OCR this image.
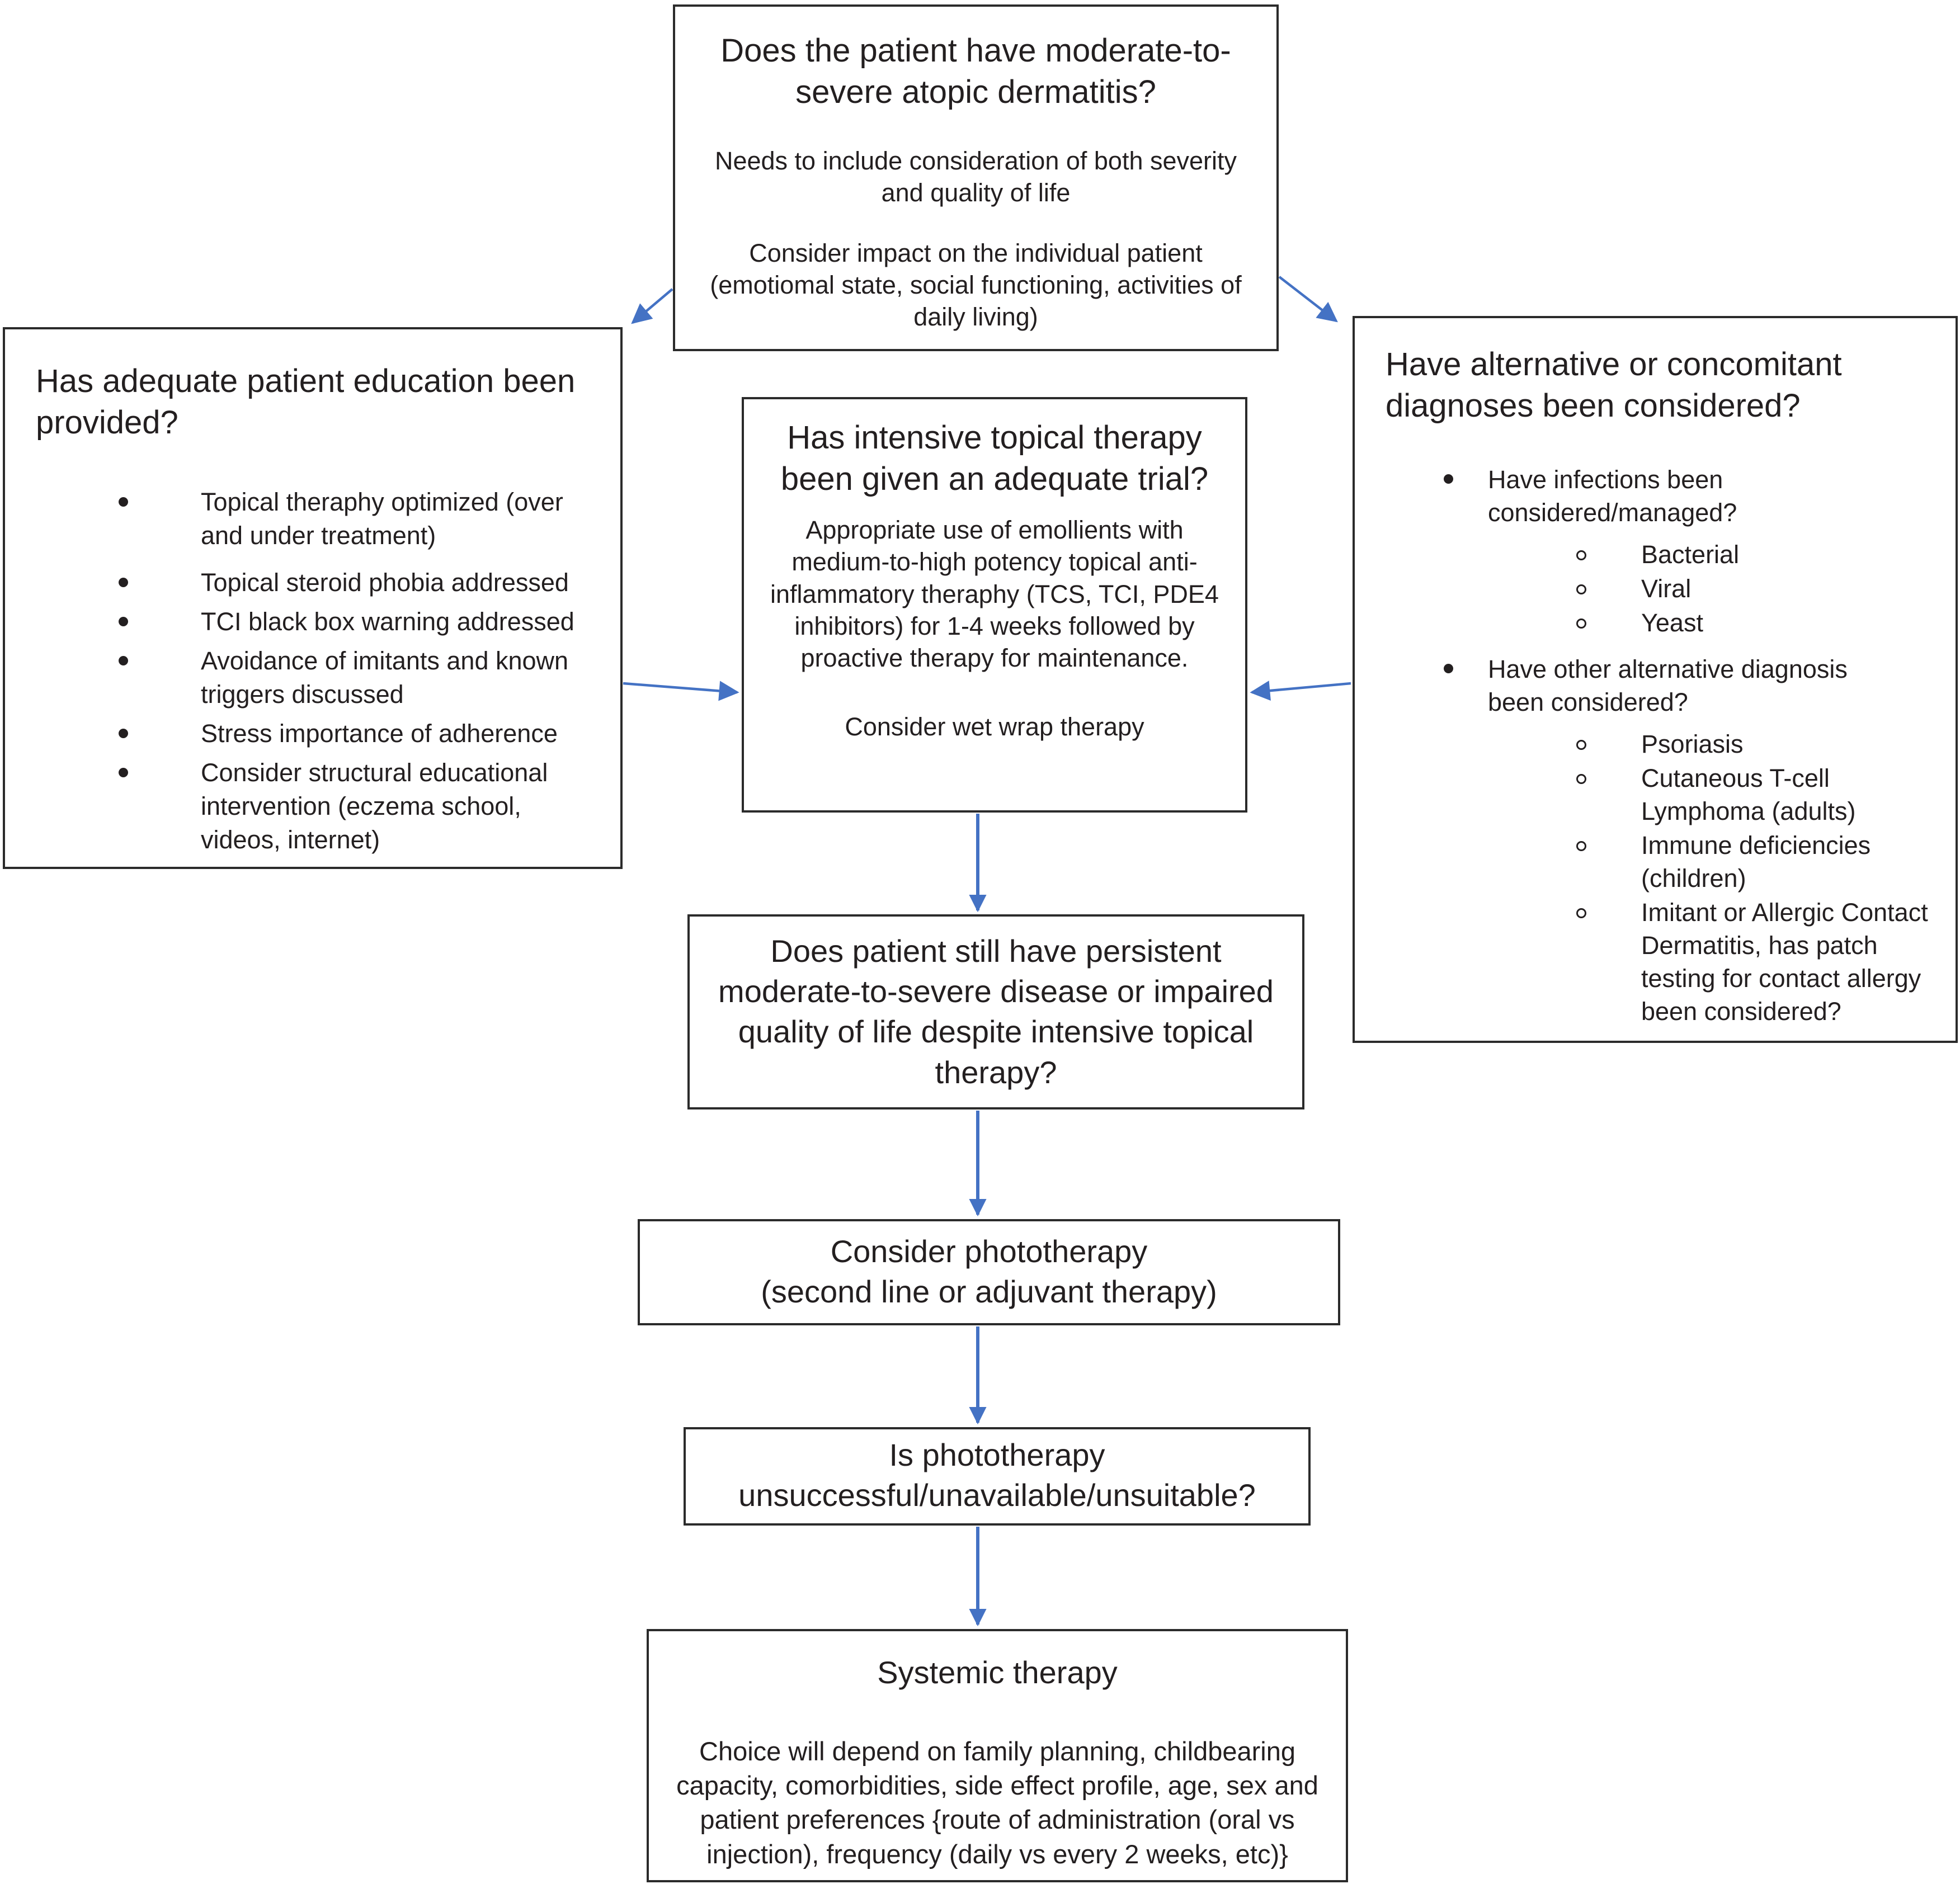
Does the patient have moderate-to-severe atopic dermatitis?

Needs to include consideration of both severity and quality of life

Consider impact on the individual patient (emotiomal state, social functioning, activities of daily living)

Has adequate patient education been provided?
Topical theraphy optimized (over and under treatment)
Topical steroid phobia addressed
TCI black box warning addressed
Avoidance of imitants and known triggers discussed
Stress importance of adherence
Consider structural educational intervention (eczema school, videos, internet)
Has intensive topical therapy been given an adequate trial?

Appropriate use of emollients with medium-to-high potency topical anti-inflammatory theraphy (TCS, TCI, PDE4 inhibitors) for 1-4 weeks followed by proactive therapy for maintenance.

Consider wet wrap therapy

Have alternative or concomitant diagnoses been considered?
Have infections been considered/managed?
Bacterial
Viral
Yeast
Have other alternative diagnosis been considered?
Psoriasis
Cutaneous T-cell Lymphoma (adults)
Immune deficiencies (children)
Imitant or Allergic Contact Dermatitis, has patch testing for contact allergy been considered?

Does patient still have persistent moderate-to-severe disease or impaired quality of life despite intensive topical therapy?

Consider phototherapy
(second line or adjuvant therapy)
Is phototherapy
unsuccessful/unavailable/unsuitable?
Systemic therapy

Choice will depend on family planning, childbearing capacity, comorbidities, side effect profile, age, sex and patient preferences {route of administration (oral vs injection), frequency (daily vs every 2 weeks, etc)}
